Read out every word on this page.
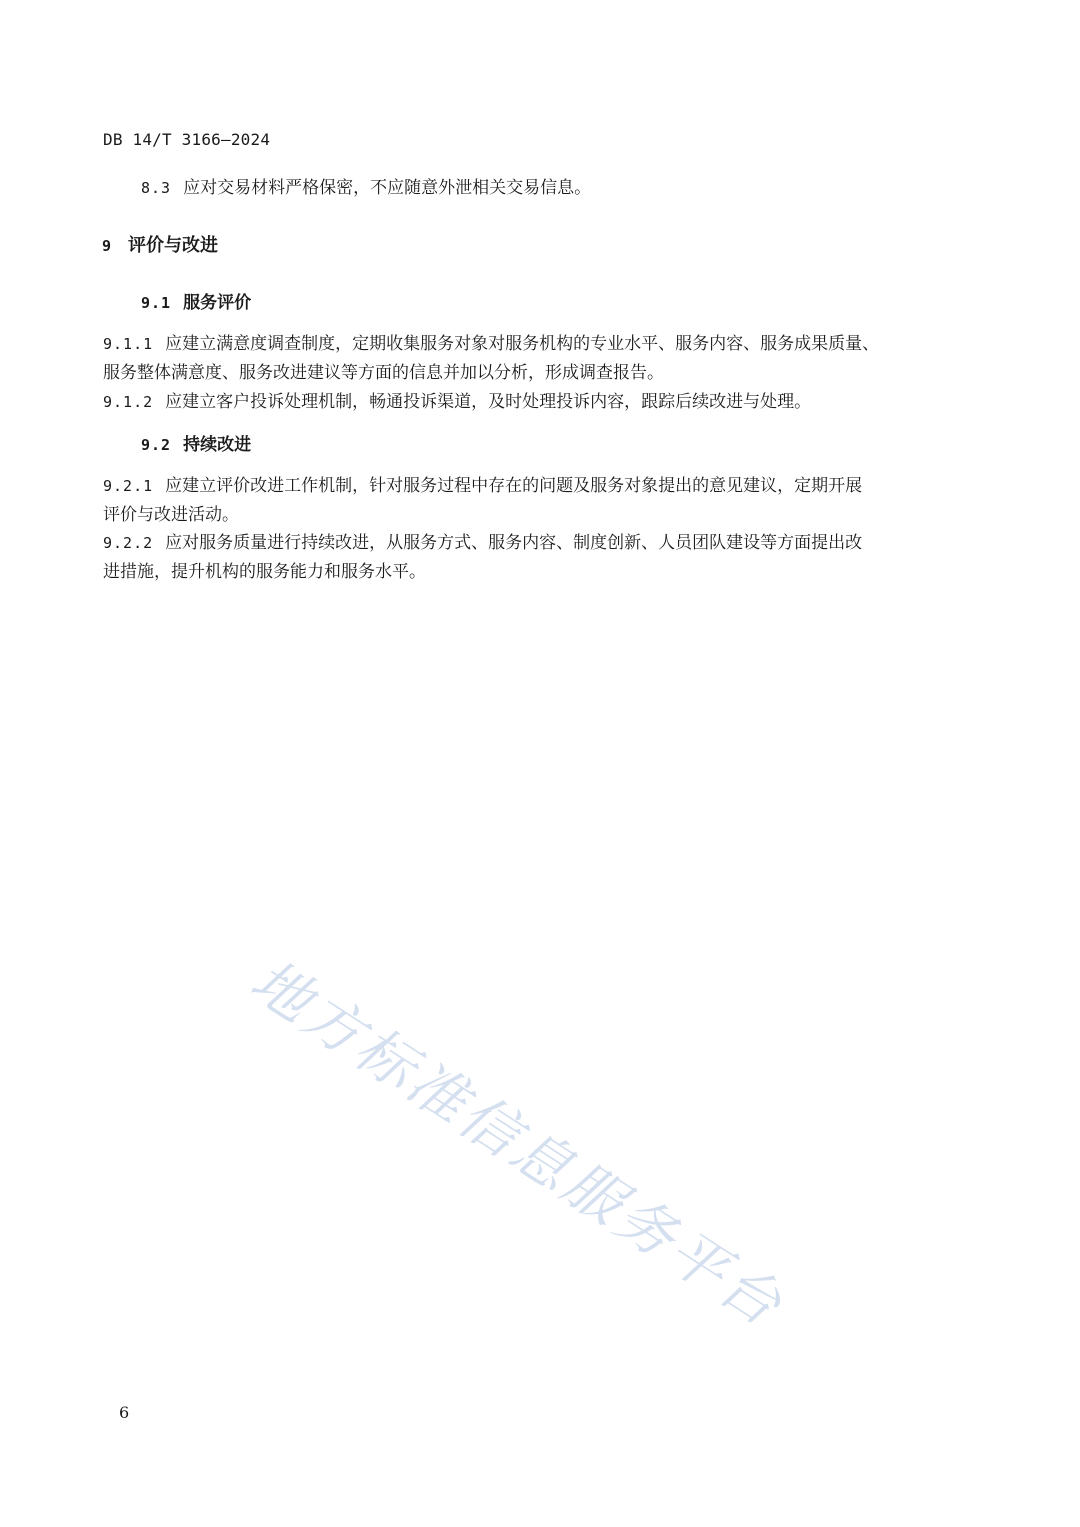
DB 14/T 3166—2024
8.3 应对交易材料严格保密，不应随意外泄相关交易信息。
9 评价与改进
9.1 服务评价
9.1.1 应建立满意度调查制度，定期收集服务对象对服务机构的专业水平、服务内容、服务成果质量、
服务整体满意度、服务改进建议等方面的信息并加以分析，形成调查报告。
9.1.2 应建立客户投诉处理机制，畅通投诉渠道，及时处理投诉内容，跟踪后续改进与处理。
9.2 持续改进
9.2.1 应建立评价改进工作机制，针对服务过程中存在的问题及服务对象提出的意见建议，定期开展
评价与改进活动。
9.2.2 应对服务质量进行持续改进，从服务方式、服务内容、制度创新、人员团队建设等方面提出改
进措施，提升机构的服务能力和服务水平。
地方标准信息服务平台
6
